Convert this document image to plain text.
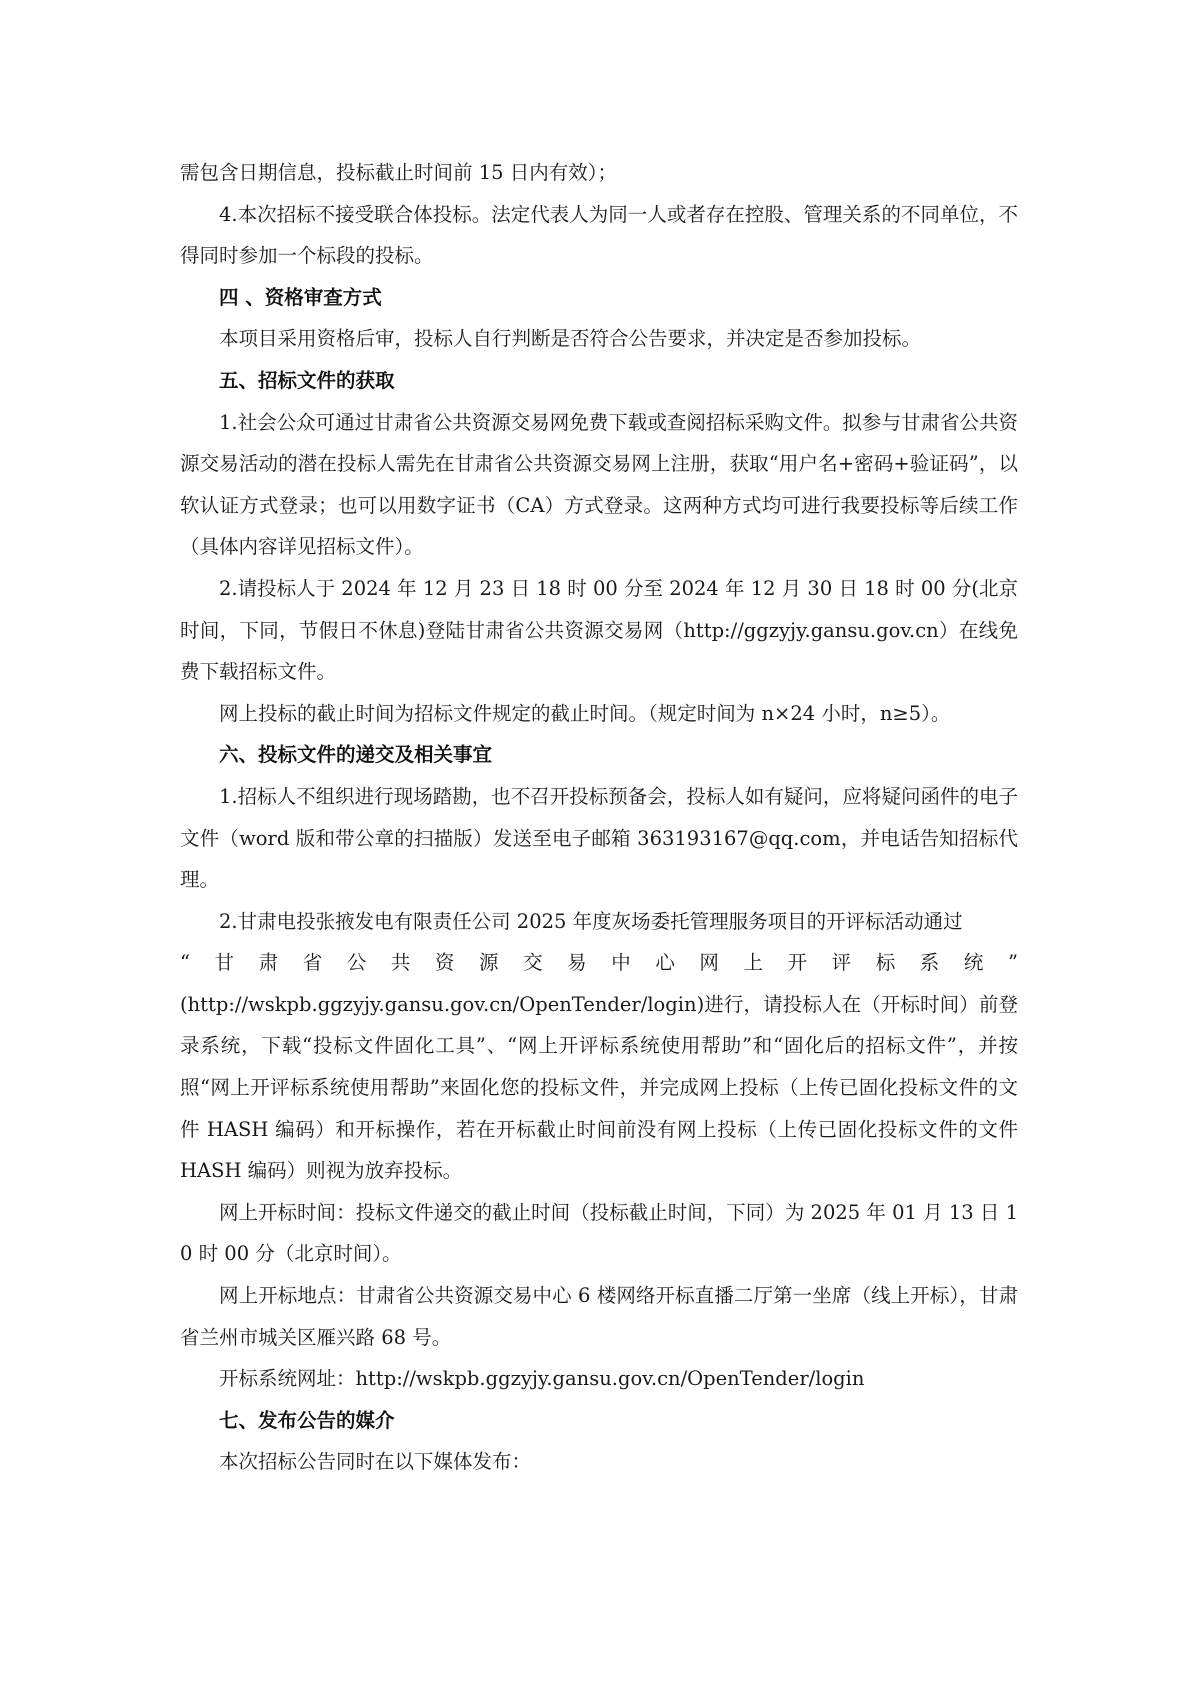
需包含日期信息，投标截止时间前 15 日内有效）；

4.本次招标不接受联合体投标。法定代表人为同一人或者存在控股、管理关系的不同单位，不得同时参加一个标段的投标。

四 、资格审查方式

本项目采用资格后审，投标人自行判断是否符合公告要求，并决定是否参加投标。

五、招标文件的获取

1.社会公众可通过甘肃省公共资源交易网免费下载或查阅招标采购文件。拟参与甘肃省公共资源交易活动的潜在投标人需先在甘肃省公共资源交易网上注册，获取“用户名+密码+验证码”，以软认证方式登录；也可以用数字证书（CA）方式登录。这两种方式均可进行我要投标等后续工作（具体内容详见招标文件）。

2.请投标人于 2024 年 12 月 23 日 18 时 00 分至 2024 年 12 月 30 日 18 时 00 分(北京时间，下同，节假日不休息)登陆甘肃省公共资源交易网（http://ggzyjy.gansu.gov.cn）在线免费下载招标文件。

网上投标的截止时间为招标文件规定的截止时间。（规定时间为 n×24 小时，n≥5）。

六、投标文件的递交及相关事宜

1.招标人不组织进行现场踏勘，也不召开投标预备会，投标人如有疑问，应将疑问函件的电子文件（word 版和带公章的扫描版）发送至电子邮箱 363193167@qq.com，并电话告知招标代理。

2.甘肃电投张掖发电有限责任公司 2025 年度灰场委托管理服务项目的开评标活动通过

“ 甘 肃 省 公 共 资 源 交 易 中 心 网 上 开 评 标 系 统 ”

(http://wskpb.ggzyjy.gansu.gov.cn/OpenTender/login)进行，请投标人在（开标时间）前登录系统，下载“投标文件固化工具”、“网上开评标系统使用帮助”和“固化后的招标文件”，并按照“网上开评标系统使用帮助”来固化您的投标文件，并完成网上投标（上传已固化投标文件的文件 HASH 编码）和开标操作，若在开标截止时间前没有网上投标（上传已固化投标文件的文件 HASH 编码）则视为放弃投标。

网上开标时间：投标文件递交的截止时间（投标截止时间，下同）为 2025 年 01 月 13 日 10 时 00 分（北京时间）。

网上开标地点：甘肃省公共资源交易中心 6 楼网络开标直播二厅第一坐席（线上开标），甘肃省兰州市城关区雁兴路 68 号。

开标系统网址：http://wskpb.ggzyjy.gansu.gov.cn/OpenTender/login

七、发布公告的媒介

本次招标公告同时在以下媒体发布：
